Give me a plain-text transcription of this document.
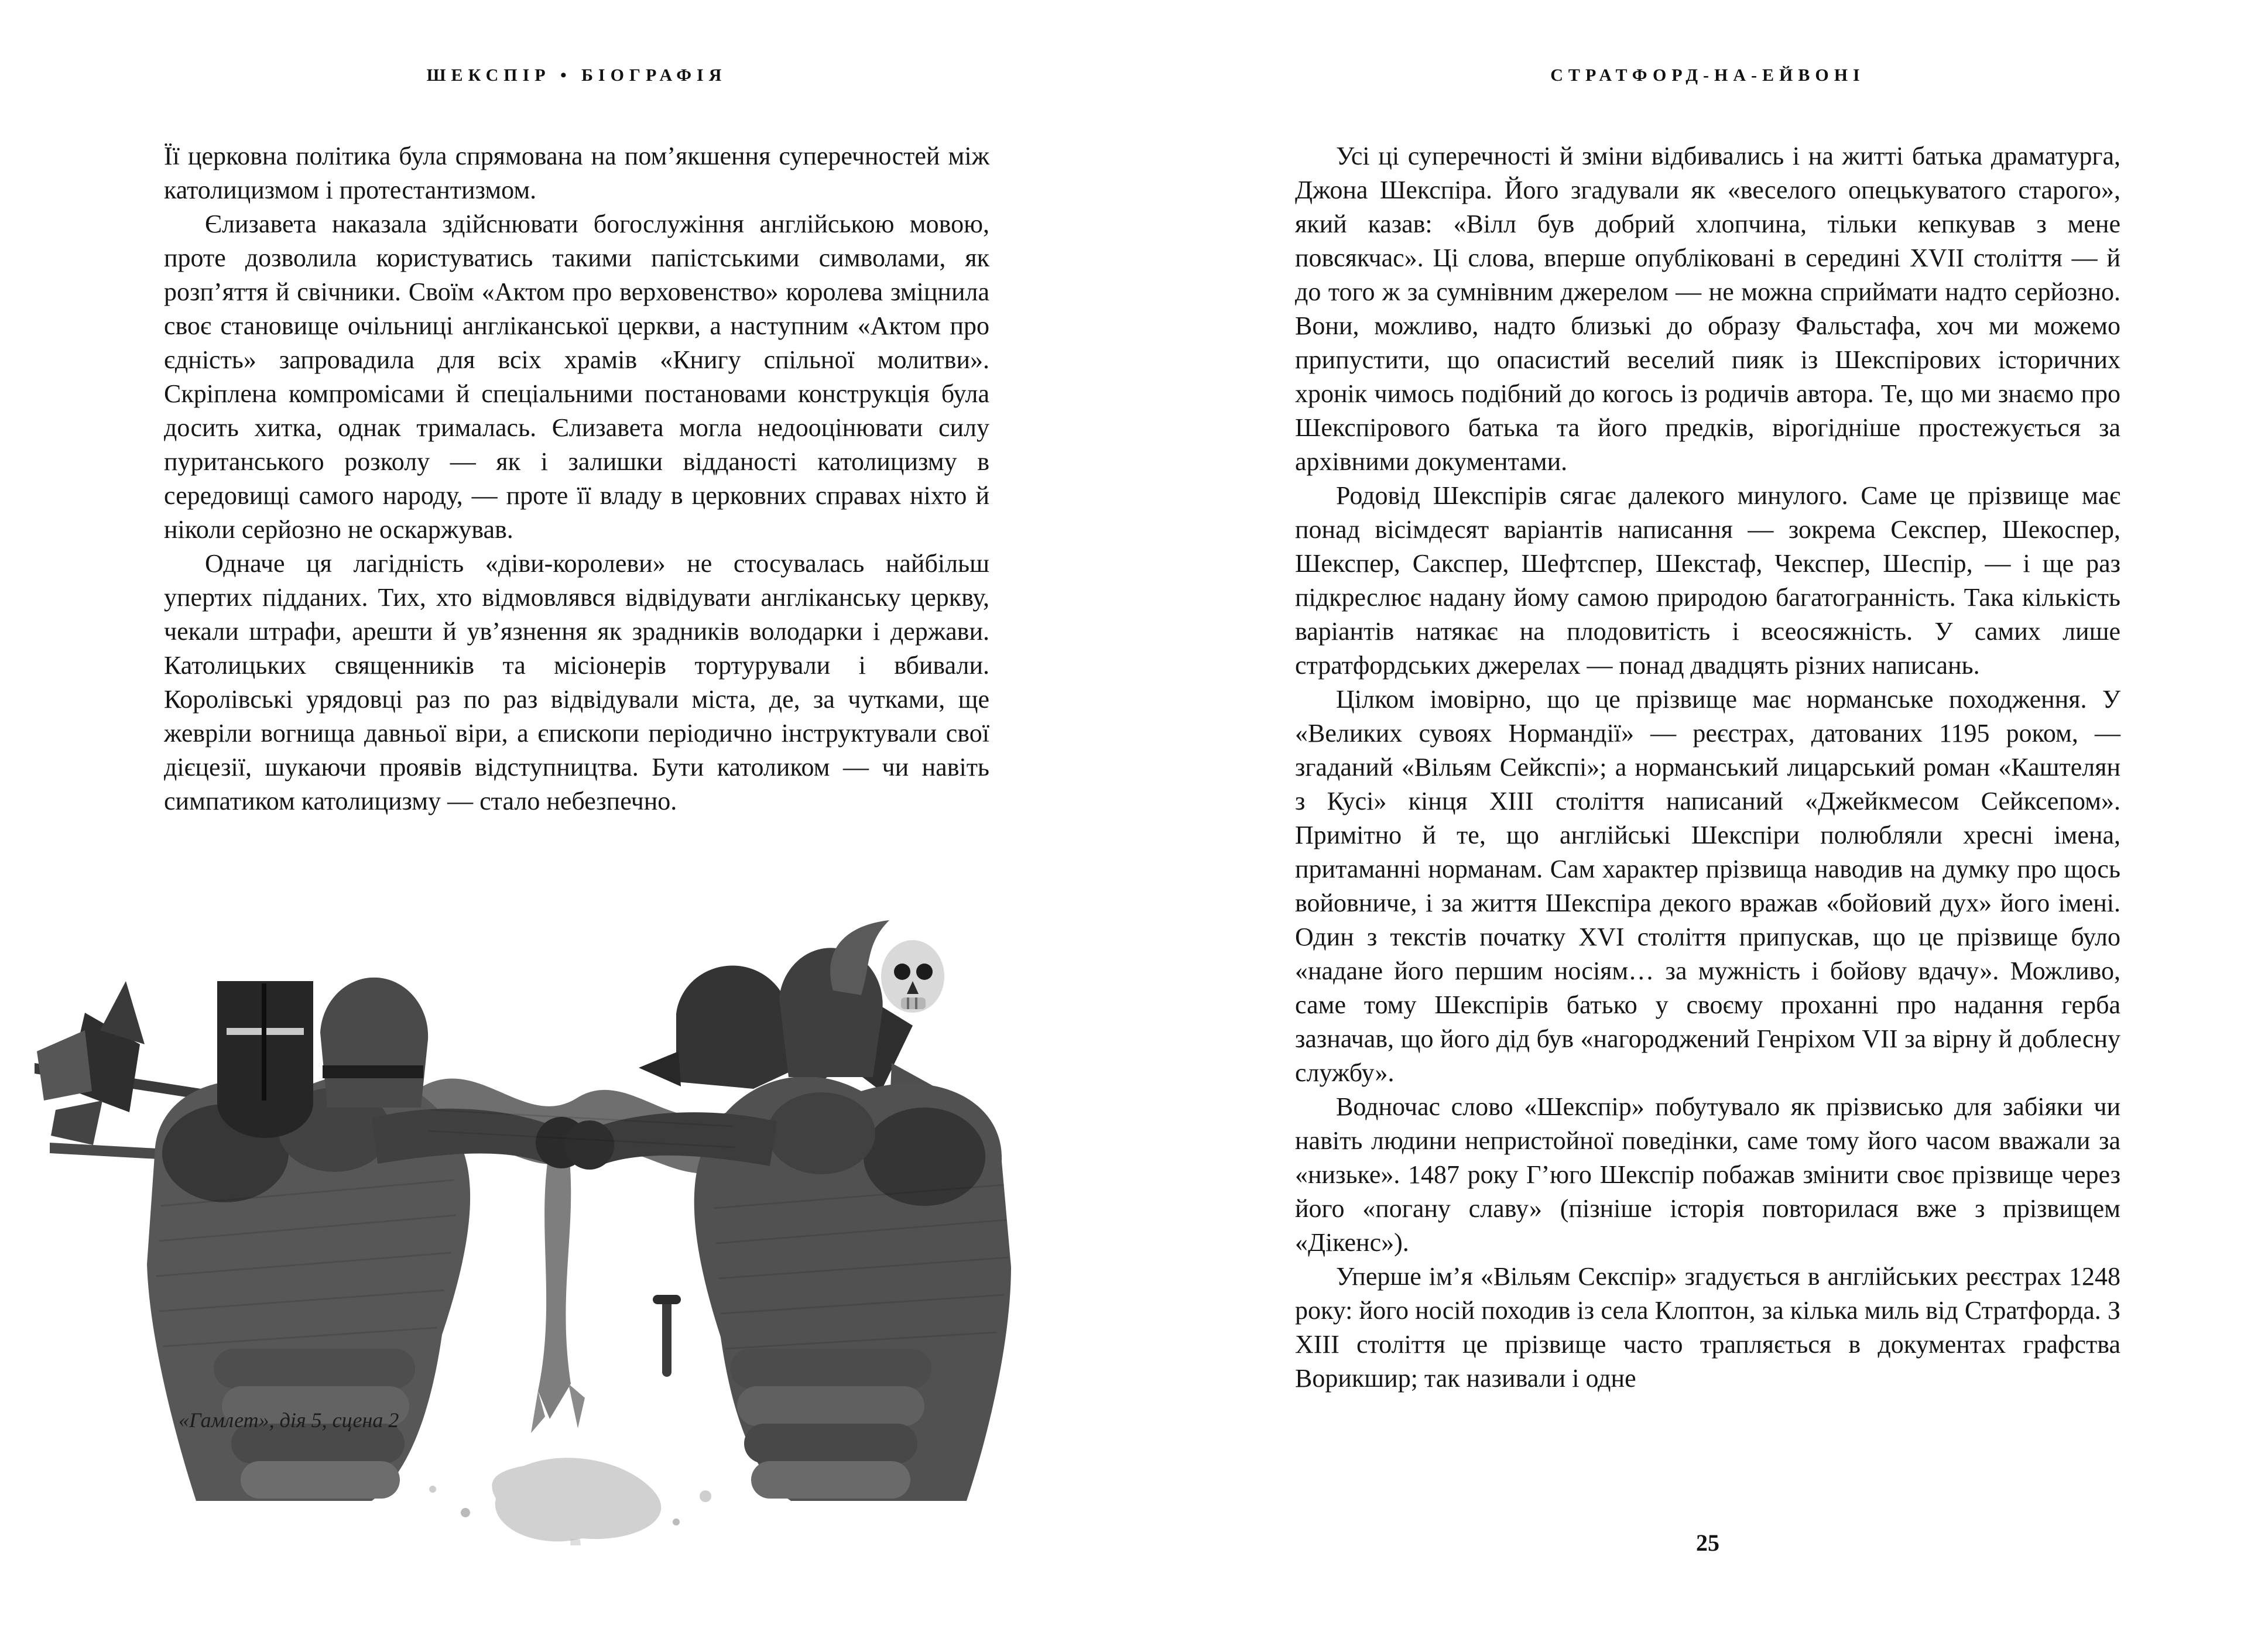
ШЕКСПІР • БІОГРАФІЯ

Її церковна політика була спрямована на пом’якшення суперечностей між католицизмом і протестантизмом.

Єлизавета наказала здійснювати богослужіння англійською мовою, проте дозволила користуватись такими папістськими символами, як розп’яття й свічники. Своїм «Актом про верховенство» королева зміцнила своє становище очільниці англіканської церкви, а наступним «Актом про єдність» запровадила для всіх храмів «Книгу спільної молитви». Скріплена компромісами й спеціальними постановами конструкція була досить хитка, однак трималась. Єлизавета могла недооцінювати силу пуританського розколу — як і залишки відданості католицизму в середовищі самого народу, — проте її владу в церковних справах ніхто й ніколи серйозно не оскаржував.

Одначе ця лагідність «діви-королеви» не стосувалась найбільш упертих підданих. Тих, хто відмовлявся відвідувати англіканську церкву, чекали штрафи, арешти й ув’язнення як зрадників володарки і держави. Католицьких священників та місіонерів тортурували і вбивали. Королівські урядовці раз по раз відвідували міста, де, за чутками, ще жевріли вогнища давньої віри, а єпископи періодично інструктували свої дієцезії, шукаючи проявів відступництва. Бути католиком — чи навіть симпатиком католицизму — стало небезпечно.

«Гамлет», дія 5, сцена 2
СТРАТФОРД-НА-ЕЙВОНІ

Усі ці суперечності й зміни відбивались і на житті батька драматурга, Джона Шекспіра. Його згадували як «веселого опецькуватого старого», який казав: «Вілл був добрий хлопчина, тільки кепкував з мене повсякчас». Ці слова, вперше опубліковані в середині XVII століття — й до того ж за сумнівним джерелом — не можна сприймати надто серйозно. Вони, можливо, надто близькі до образу Фальстафа, хоч ми можемо припустити, що опасистий веселий пияк із Шекспірових історичних хронік чимось подібний до когось із родичів автора. Те, що ми знаємо про Шекспірового батька та його предків, вірогідніше простежується за архівними документами.

Родовід Шекспірів сягає далекого минулого. Саме це прізвище має понад вісімдесят варіантів написання — зокрема Секспер, Шекоспер, Шекспер, Сакспер, Шефтспер, Шекстаф, Чекспер, Шеспір, — і ще раз підкреслює надану йому самою природою багатогранність. Така кількість варіантів натякає на плодовитість і всеосяжність. У самих лише стратфордських джерелах — понад двадцять різних написань.

Цілком імовірно, що це прізвище має норманське походження. У «Великих сувоях Нормандії» — реєстрах, датованих 1195 роком, — згаданий «Вільям Сейкспі»; а норманський лицарський роман «Каштелян з Кусі» кінця XIII століття написаний «Джейкмесом Сейксепом». Примітно й те, що англійські Шекспіри полюбляли хресні імена, притаманні норманам. Сам характер прізвища наводив на думку про щось войовниче, і за життя Шекспіра декого вражав «бойовий дух» його імені. Один з текстів початку XVI століття припускав, що це прізвище було «надане його першим носіям… за мужність і бойову вдачу». Можливо, саме тому Шекспірів батько у своєму проханні про надання герба зазначав, що його дід був «нагороджений Генріхом VII за вірну й доблесну службу».

Водночас слово «Шекспір» побутувало як прізвисько для забіяки чи навіть людини непристойної поведінки, саме тому його часом вважали за «низьке». 1487 року Г’юго Шекспір побажав змінити своє прізвище через його «погану славу» (пізніше історія повторилася вже з прізвищем «Дікенс»).

Уперше ім’я «Вільям Секспір» згадується в англійських реєстрах 1248 року: його носій походив із села Клоптон, за кілька миль від Стратфорда. З XIII століття це прізвище часто трапляється в документах графства Ворикшир; так називали і одне

25
